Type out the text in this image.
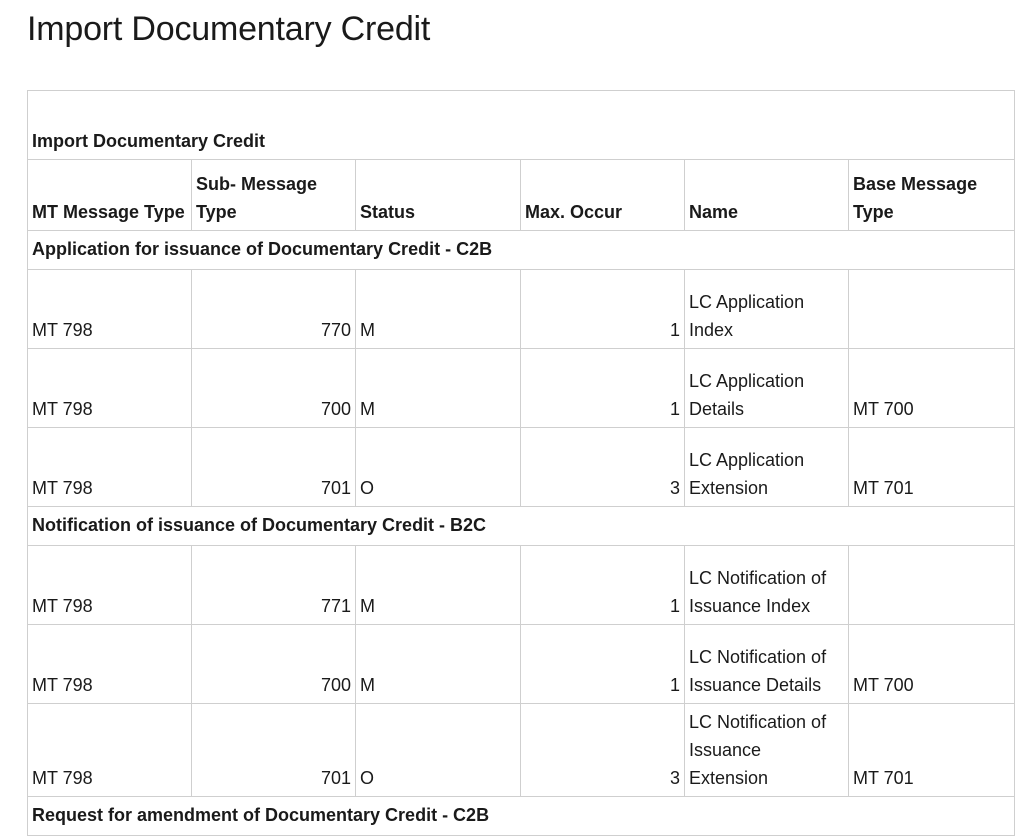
Import Documentary Credit
Import Documentary Credit					
MT Message Type	Sub- Message Type	Status	Max. Occur	Name	Base Message Type
Application for issuance of Documentary Credit - C2B					
MT 798	770	M	1	LC Application Index	
MT 798	700	M	1	LC Application Details	MT 700
MT 798	701	O	3	LC Application Extension	MT 701
Notification of issuance of Documentary Credit - B2C					
MT 798	771	M	1	LC Notification of Issuance Index	
MT 798	700	M	1	LC Notification of Issuance Details	MT 700
MT 798	701	O	3	LC Notification of Issuance Extension	MT 701
Request for amendment of Documentary Credit - C2B					
